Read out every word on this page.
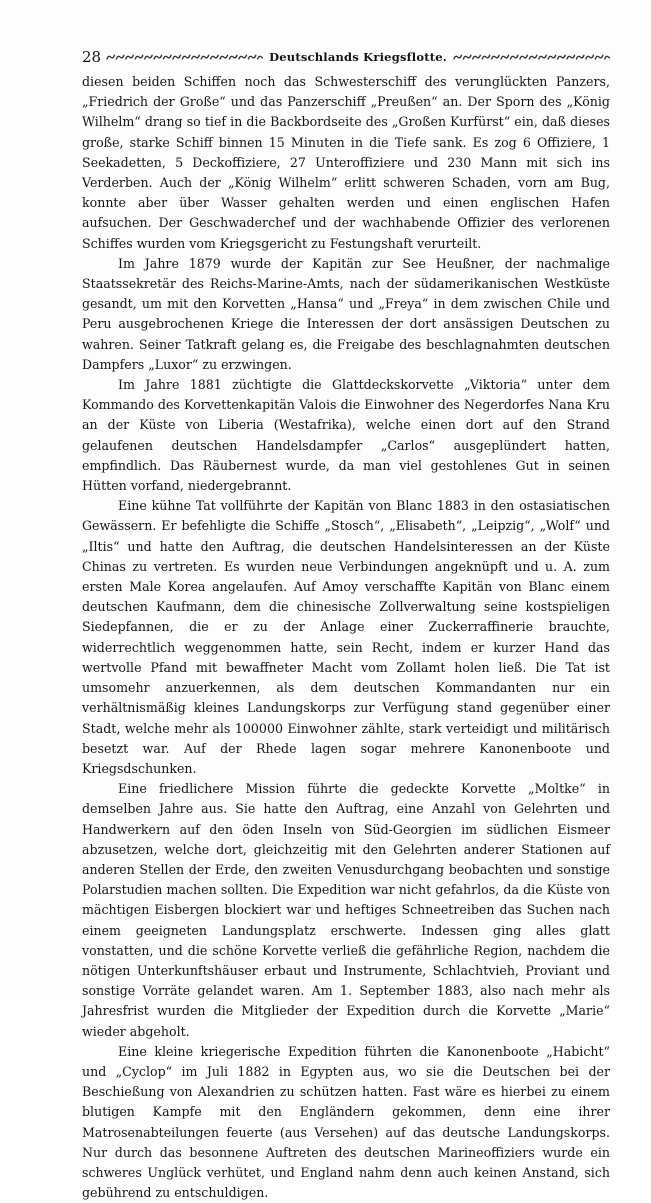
28	Deutschlands Kriegsflotte.

diesen beiden Schiffen noch das Schwesterschiff des verunglückten Panzers, „Friedrich der Große“ und das Panzerschiff „Preußen“ an. Der Sporn des „König Wilhelm“ drang so tief in die Backbordseite des „Großen Kurfürst“ ein, daß dieses große, starke Schiff binnen 15 Minuten in die Tiefe sank. Es zog 6 Offiziere, 1 Seekadetten, 5 Deckoffiziere, 27 Unteroffiziere und 230 Mann mit sich ins Verderben. Auch der „König Wilhelm“ erlitt schweren Schaden, vorn am Bug, konnte aber über Wasser gehalten werden und einen englischen Hafen aufsuchen. Der Geschwaderchef und der wachhabende Offizier des verlorenen Schiffes wurden vom Kriegsgericht zu Festungshaft verurteilt.

Im Jahre 1879 wurde der Kapitän zur See Heußner, der nachmalige Staatssekretär des Reichs-Marine-Amts, nach der südamerikanischen Westküste gesandt, um mit den Korvetten „Hansa“ und „Freya“ in dem zwischen Chile und Peru ausgebrochenen Kriege die Interessen der dort ansässigen Deutschen zu wahren. Seiner Tatkraft gelang es, die Freigabe des beschlagnahmten deutschen Dampfers „Luxor“ zu erzwingen.

Im Jahre 1881 züchtigte die Glattdeckskorvette „Viktoria“ unter dem Kommando des Korvettenkapitän Valois die Einwohner des Negerdorfes Nana Kru an der Küste von Liberia (Westafrika), welche einen dort auf den Strand gelaufenen deutschen Handelsdampfer „Carlos“ ausgeplündert hatten, empfindlich. Das Räubernest wurde, da man viel gestohlenes Gut in seinen Hütten vorfand, niedergebrannt.

Eine kühne Tat vollführte der Kapitän von Blanc 1883 in den ostasiatischen Gewässern. Er befehligte die Schiffe „Stosch“, „Elisabeth“, „Leipzig“, „Wolf“ und „Iltis“ und hatte den Auftrag, die deutschen Handelsinteressen an der Küste Chinas zu vertreten. Es wurden neue Verbindungen angeknüpft und u. A. zum ersten Male Korea angelaufen. Auf Amoy verschaffte Kapitän von Blanc einem deutschen Kaufmann, dem die chinesische Zollverwaltung seine kostspieligen Siedepfannen, die er zu der Anlage einer Zuckerraffinerie brauchte, widerrechtlich weggenommen hatte, sein Recht, indem er kurzer Hand das wertvolle Pfand mit bewaffneter Macht vom Zollamt holen ließ. Die Tat ist umsomehr anzuerkennen, als dem deutschen Kommandanten nur ein verhältnismäßig kleines Landungskorps zur Verfügung stand gegenüber einer Stadt, welche mehr als 100000 Einwohner zählte, stark verteidigt und militärisch besetzt war. Auf der Rhede lagen sogar mehrere Kanonenboote und Kriegsdschunken.

Eine friedlichere Mission führte die gedeckte Korvette „Moltke“ in demselben Jahre aus. Sie hatte den Auftrag, eine Anzahl von Gelehrten und Handwerkern auf den öden Inseln von Süd-Georgien im südlichen Eismeer abzusetzen, welche dort, gleichzeitig mit den Gelehrten anderer Stationen auf anderen Stellen der Erde, den zweiten Venusdurchgang beobachten und sonstige Polarstudien machen sollten. Die Expedition war nicht gefahrlos, da die Küste von mächtigen Eisbergen blockiert war und heftiges Schneetreiben das Suchen nach einem geeigneten Landungsplatz erschwerte. Indessen ging alles glatt vonstatten, und die schöne Korvette verließ die gefährliche Region, nachdem die nötigen Unterkunftshäuser erbaut und Instrumente, Schlachtvieh, Proviant und sonstige Vorräte gelandet waren. Am 1. September 1883, also nach mehr als Jahresfrist wurden die Mitglieder der Expedition durch die Korvette „Marie“ wieder abgeholt.

Eine kleine kriegerische Expedition führten die Kanonenboote „Habicht“ und „Cyclop“ im Juli 1882 in Egypten aus, wo sie die Deutschen bei der Beschießung von Alexandrien zu schützen hatten. Fast wäre es hierbei zu einem blutigen Kampfe mit den Engländern gekommen, denn eine ihrer Matrosenabteilungen feuerte (aus Versehen) auf das deutsche Landungskorps. Nur durch das besonnene Auftreten des deutschen Marineoffiziers wurde ein schweres Unglück verhütet, und England nahm denn auch keinen Anstand, sich gebührend zu entschuldigen.
